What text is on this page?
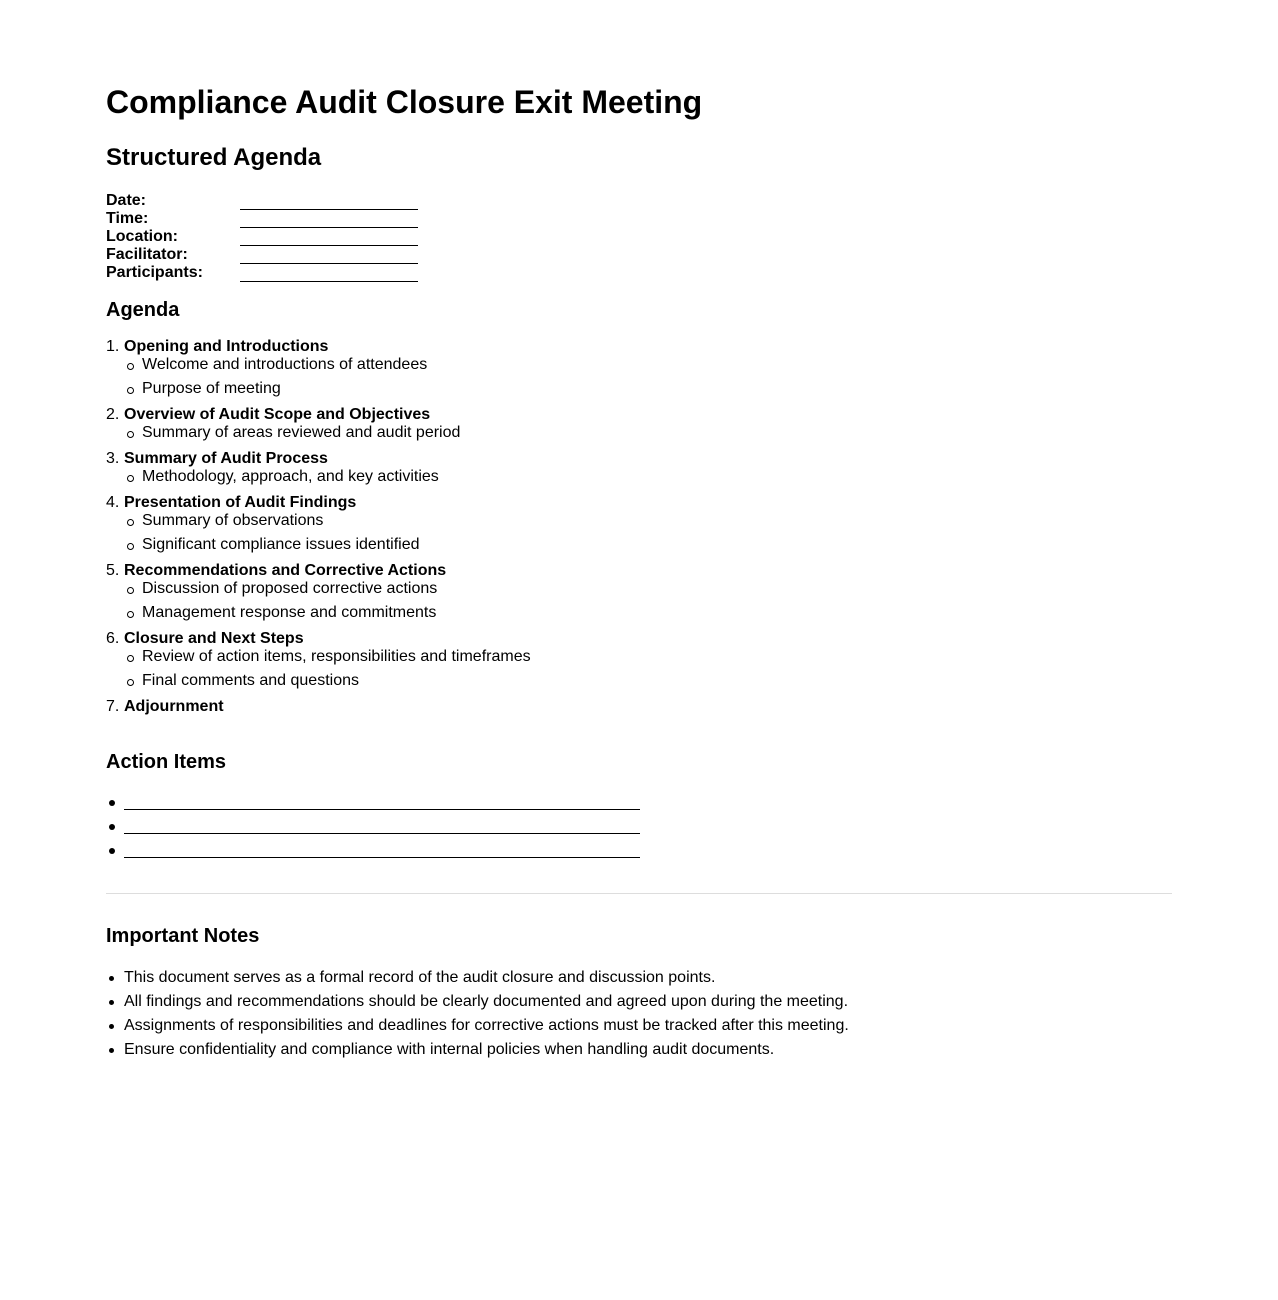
Compliance Audit Closure Exit Meeting
Structured Agenda
Date:
Time:
Location:
Facilitator:
Participants:
Agenda
1. Opening and Introductions
Welcome and introductions of attendees
Purpose of meeting
2. Overview of Audit Scope and Objectives
Summary of areas reviewed and audit period
3. Summary of Audit Process
Methodology, approach, and key activities
4. Presentation of Audit Findings
Summary of observations
Significant compliance issues identified
5. Recommendations and Corrective Actions
Discussion of proposed corrective actions
Management response and commitments
6. Closure and Next Steps
Review of action items, responsibilities and timeframes
Final comments and questions
7. Adjournment
Action Items
Important Notes
This document serves as a formal record of the audit closure and discussion points.
All findings and recommendations should be clearly documented and agreed upon during the meeting.
Assignments of responsibilities and deadlines for corrective actions must be tracked after this meeting.
Ensure confidentiality and compliance with internal policies when handling audit documents.
